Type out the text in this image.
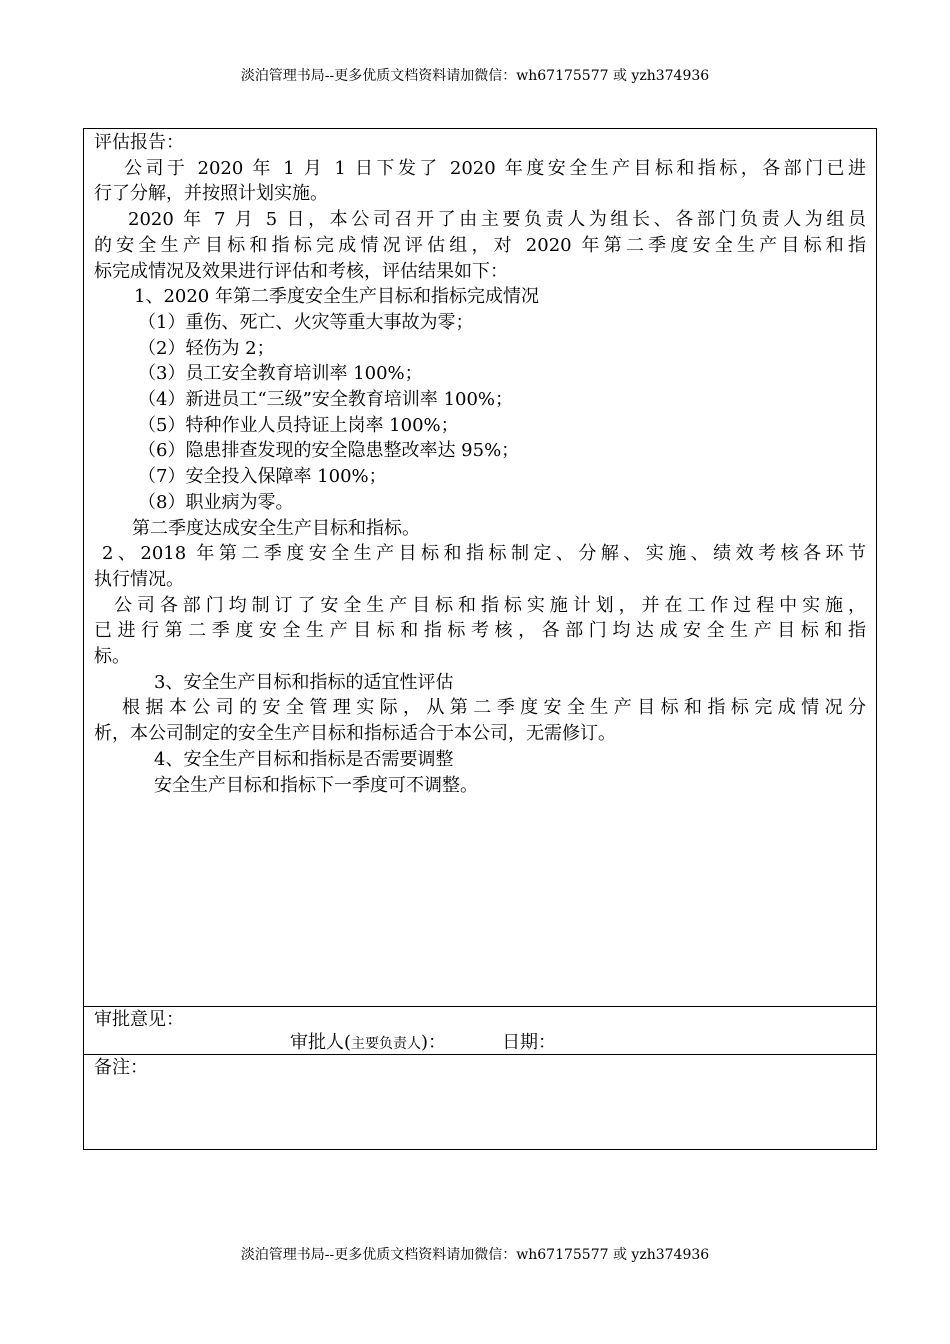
淡泊管理书局--更多优质文档资料请加微信：wh67175577 或 yzh374936
评估报告：
公司于 2020 年 1 月 1 日下发了 2020 年度安全生产目标和指标，各部门已进
行了分解，并按照计划实施。
2020 年 7 月 5 日，本公司召开了由主要负责人为组长、各部门负责人为组员
的安全生产目标和指标完成情况评估组，对 2020 年第二季度安全生产目标和指
标完成情况及效果进行评估和考核，评估结果如下：
1、2020 年第二季度安全生产目标和指标完成情况
（1）重伤、死亡、火灾等重大事故为零；
（2）轻伤为 2；
（3）员工安全教育培训率 100%；
（4）新进员工“三级”安全教育培训率 100%；
（5）特种作业人员持证上岗率 100%；
（6）隐患排查发现的安全隐患整改率达 95%；
（7）安全投入保障率 100%；
（8）职业病为零。
第二季度达成安全生产目标和指标。
2、2018 年第二季度安全生产目标和指标制定、分解、实施、绩效考核各环节
执行情况。
公司各部门均制订了安全生产目标和指标实施计划，并在工作过程中实施，
已进行第二季度安全生产目标和指标考核，各部门均达成安全生产目标和指
标。
3、安全生产目标和指标的适宜性评估
根据本公司的安全管理实际，从第二季度安全生产目标和指标完成情况分
析，本公司制定的安全生产目标和指标适合于本公司，无需修订。
4、安全生产目标和指标是否需要调整
安全生产目标和指标下一季度可不调整。
审批意见：
审批人(主要负责人)：	日期：
备注：
淡泊管理书局--更多优质文档资料请加微信：wh67175577 或 yzh374936
